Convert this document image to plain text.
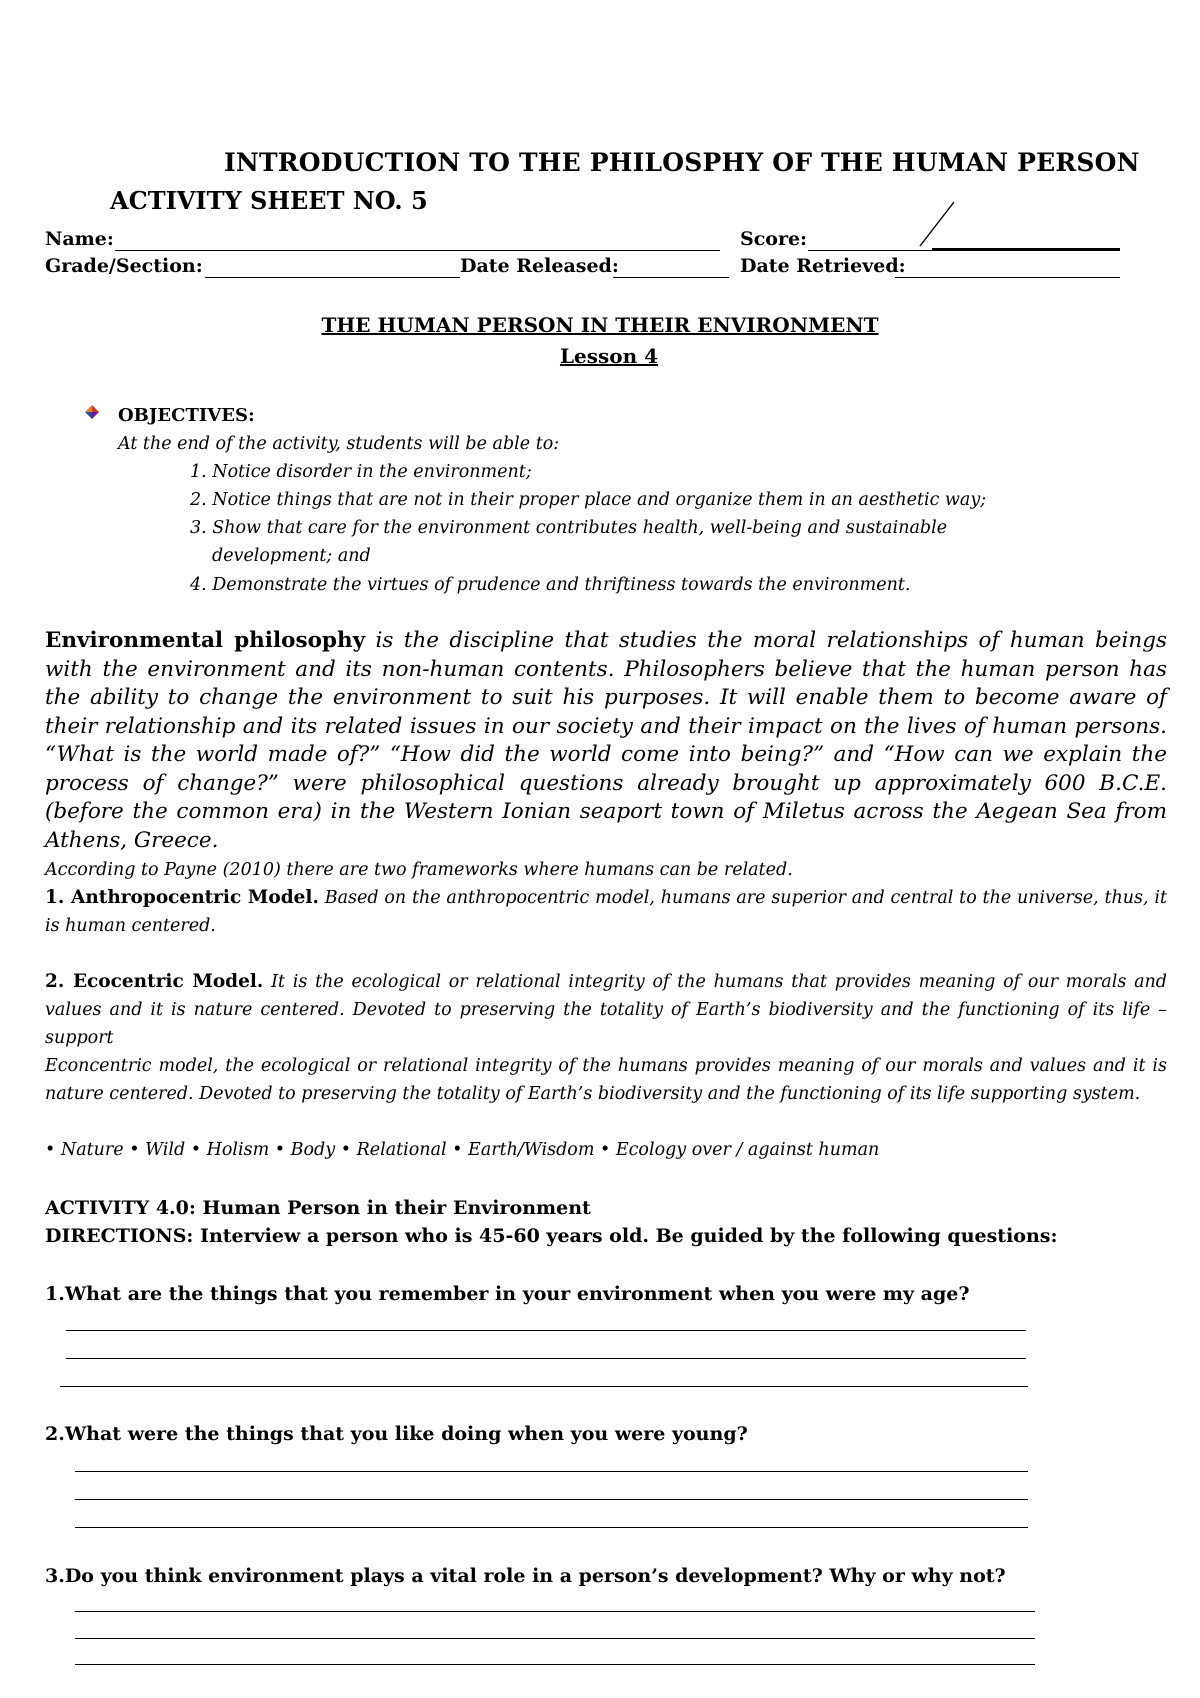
INTRODUCTION TO THE PHILOSPHY OF THE HUMAN PERSON
ACTIVITY SHEET NO. 5
Name:	Score:
Grade/Section:	Date Released:	Date Retrieved:
THE HUMAN PERSON IN THEIR ENVIRONMENT
Lesson 4
OBJECTIVES:
At the end of the activity, students will be able to:
1. Notice disorder in the environment;
2. Notice things that are not in their proper place and organize them in an aesthetic way;
3. Show that care for the environment contributes health, well-being and sustainable
development; and
4. Demonstrate the virtues of prudence and thriftiness towards the environment.
Environmental philosophy is the discipline that studies the moral relationships of human beings with the environment and its non-human contents. Philosophers believe that the human person has the ability to change the environment to suit his purposes. It will enable them to become aware of their relationship and its related issues in our society and their impact on the lives of human persons. “What is the world made of?” “How did the world come into being?” and “How can we explain the process of change?” were philosophical questions already brought up approximately 600 B.C.E. (before the common era) in the Western Ionian seaport town of Miletus across the Aegean Sea from Athens, Greece.
According to Payne (2010) there are two frameworks where humans can be related.
1. Anthropocentric Model. Based on the anthropocentric model, humans are superior and central to the universe, thus, it is human centered.
2. Ecocentric Model. It is the ecological or relational integrity of the humans that provides meaning of our morals and values and it is nature centered. Devoted to preserving the totality of Earth’s biodiversity and the functioning of its life – support
Econcentric model, the ecological or relational integrity of the humans provides meaning of our morals and values and it is nature centered. Devoted to preserving the totality of Earth’s biodiversity and the functioning of its life supporting system.
• Nature • Wild • Holism • Body • Relational • Earth/Wisdom • Ecology over / against human
ACTIVITY 4.0: Human Person in their Environment
DIRECTIONS: Interview a person who is 45-60 years old. Be guided by the following questions:
1.What are the things that you remember in your environment when you were my age?
2.What were the things that you like doing when you were young?
3.Do you think environment plays a vital role in a person’s development? Why or why not?
